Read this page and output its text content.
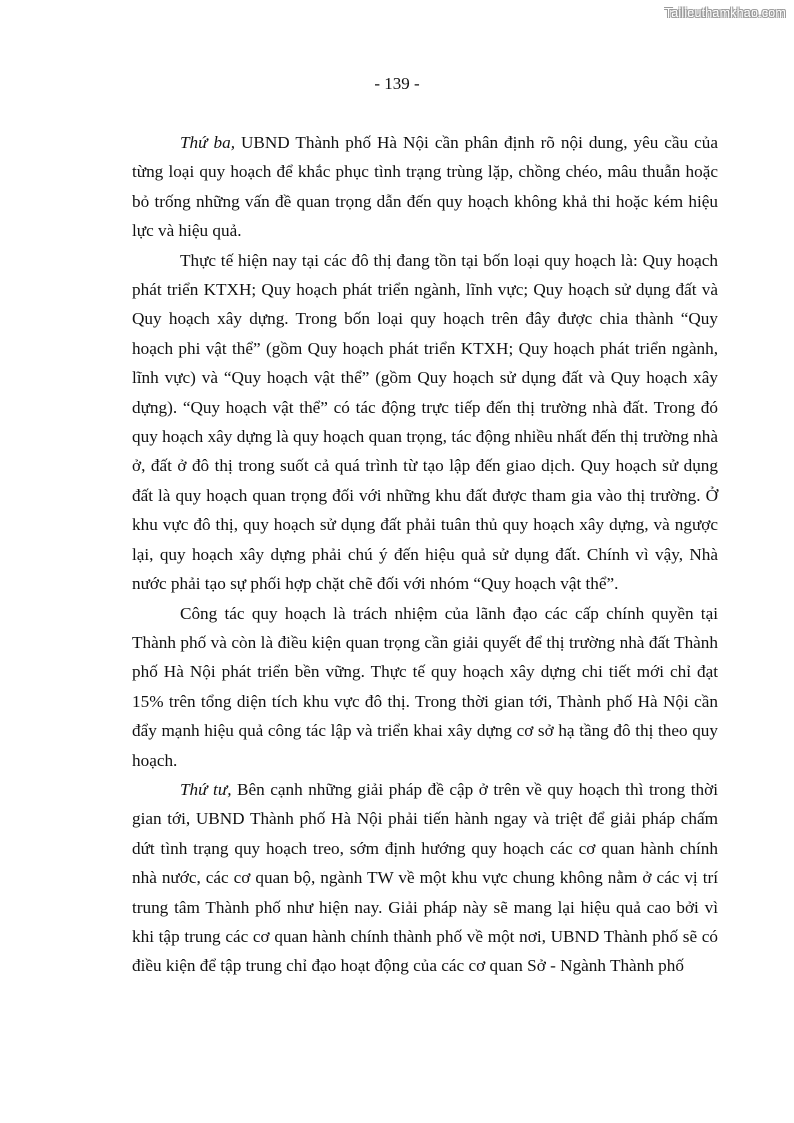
Tailieuthamkhao.com
- 139 -

Thứ ba, UBND Thành phố Hà Nội cần phân định rõ nội dung, yêu cầu của từng loại quy hoạch để khắc phục tình trạng trùng lặp, chồng chéo, mâu thuẫn hoặc bỏ trống những vấn đề quan trọng dẫn đến quy hoạch không khả thi hoặc kém hiệu lực và hiệu quả.

Thực tế hiện nay tại các đô thị đang tồn tại bốn loại quy hoạch là: Quy hoạch phát triển KTXH; Quy hoạch phát triển ngành, lĩnh vực; Quy hoạch sử dụng đất và Quy hoạch xây dựng. Trong bốn loại quy hoạch trên đây được chia thành “Quy hoạch phi vật thể” (gồm Quy hoạch phát triển KTXH; Quy hoạch phát triển ngành, lĩnh vực) và “Quy hoạch vật thể” (gồm Quy hoạch sử dụng đất và Quy hoạch xây dựng). “Quy hoạch vật thể” có tác động trực tiếp đến thị trường nhà đất. Trong đó quy hoạch xây dựng là quy hoạch quan trọng, tác động nhiều nhất đến thị trường nhà ở, đất ở đô thị trong suốt cả quá trình từ tạo lập đến giao dịch. Quy hoạch sử dụng đất là quy hoạch quan trọng đối với những khu đất được tham gia vào thị trường. Ở khu vực đô thị, quy hoạch sử dụng đất phải tuân thủ quy hoạch xây dựng, và ngược lại, quy hoạch xây dựng phải chú ý đến hiệu quả sử dụng đất. Chính vì vậy, Nhà nước phải tạo sự phối hợp chặt chẽ đối với nhóm “Quy hoạch vật thể”.

Công tác quy hoạch là trách nhiệm của lãnh đạo các cấp chính quyền tại Thành phố và còn là điều kiện quan trọng cần giải quyết để thị trường nhà đất Thành phố Hà Nội phát triển bền vững. Thực tế quy hoạch xây dựng chi tiết mới chỉ đạt 15% trên tổng diện tích khu vực đô thị. Trong thời gian tới, Thành phố Hà Nội cần đẩy mạnh hiệu quả công tác lập và triển khai xây dựng cơ sở hạ tầng đô thị theo quy hoạch.

Thứ tư, Bên cạnh những giải pháp đề cập ở trên về quy hoạch thì trong thời gian tới, UBND Thành phố Hà Nội phải tiến hành ngay và triệt để giải pháp chấm dứt tình trạng quy hoạch treo, sớm định hướng quy hoạch các cơ quan hành chính nhà nước, các cơ quan bộ, ngành TW về một khu vực chung không nằm ở các vị trí trung tâm Thành phố như hiện nay. Giải pháp này sẽ mang lại hiệu quả cao bởi vì khi tập trung các cơ quan hành chính thành phố về một nơi, UBND Thành phố sẽ có điều kiện để tập trung chỉ đạo hoạt động của các cơ quan Sở - Ngành Thành phố
